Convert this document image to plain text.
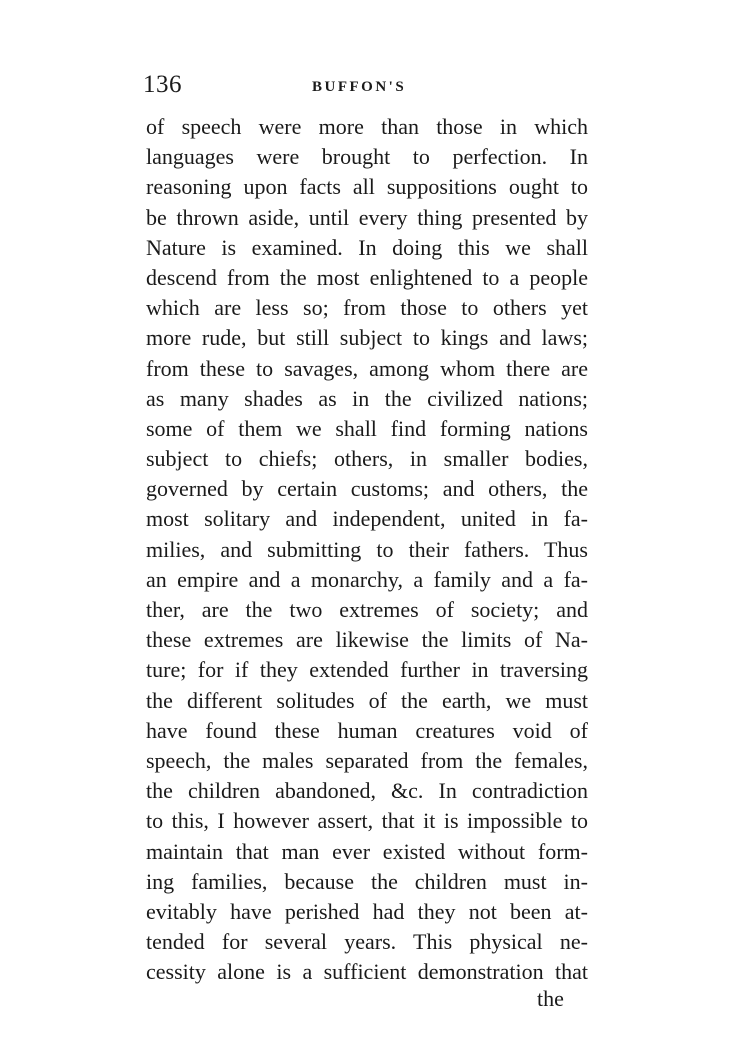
136	BUFFON'S
of speech were more than those in which
languages were brought to perfection. In
reasoning upon facts all suppositions ought to
be thrown aside, until every thing presented by
Nature is examined. In doing this we shall
descend from the most enlightened to a people
which are less so; from those to others yet
more rude, but still subject to kings and laws;
from these to savages, among whom there are
as many shades as in the civilized nations;
some of them we shall find forming nations
subject to chiefs; others, in smaller bodies,
governed by certain customs; and others, the
most solitary and independent, united in fa-
milies, and submitting to their fathers. Thus
an empire and a monarchy, a family and a fa-
ther, are the two extremes of society; and
these extremes are likewise the limits of Na-
ture; for if they extended further in traversing
the different solitudes of the earth, we must
have found these human creatures void of
speech, the males separated from the females,
the children abandoned, &c. In contradiction
to this, I however assert, that it is impossible to
maintain that man ever existed without form-
ing families, because the children must in-
evitably have perished had they not been at-
tended for several years. This physical ne-
cessity alone is a sufficient demonstration that
the
